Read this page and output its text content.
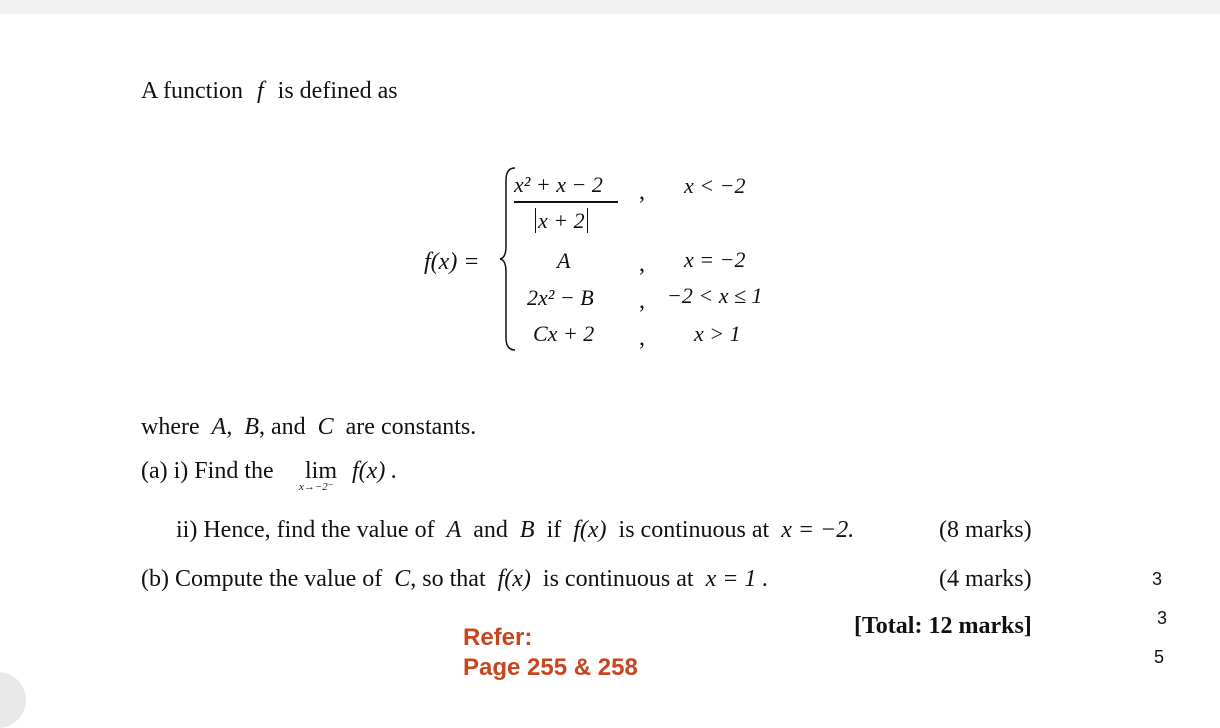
A function f is defined as
f(x) =
x² + x − 2
x + 2
, x < −2
A	, x = −2
2x² − B , −2 < x ≤ 1
Cx + 2 , x > 1
where A, B, and C are constants.
(a) i) Find the lim
x→−2⁻
f(x) .
ii) Hence, find the value of A and B if f(x) is continuous at x = −2.	(8 marks)
(b) Compute the value of C, so that f(x) is continuous at x = 1 .	(4 marks)
[Total: 12 marks]
Refer:
Page 255 & 258
3
3
5
